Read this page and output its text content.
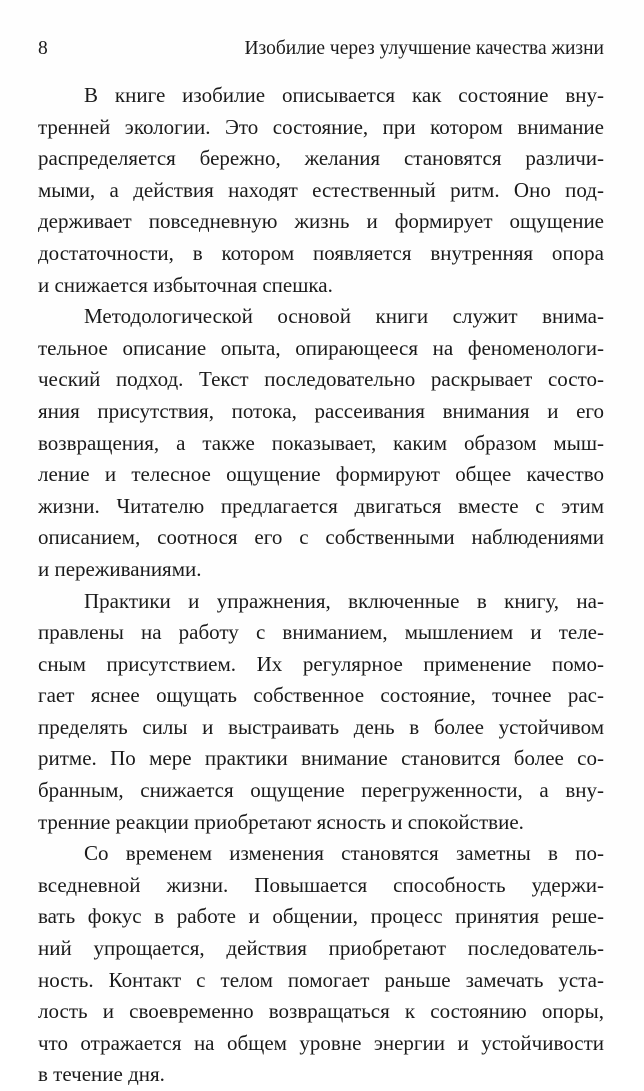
8	Изобилие через улучшение качества жизни
В книге изобилие описывается как состояние вну-
тренней экологии. Это состояние, при котором внимание
распределяется бережно, желания становятся различи-
мыми, а действия находят естественный ритм. Оно под-
держивает повседневную жизнь и формирует ощущение
достаточности, в котором появляется внутренняя опора
и снижается избыточная спешка.
Методологической основой книги служит внима-
тельное описание опыта, опирающееся на феноменологи-
ческий подход. Текст последовательно раскрывает состо-
яния присутствия, потока, рассеивания внимания и его
возвращения, а также показывает, каким образом мыш-
ление и телесное ощущение формируют общее качество
жизни. Читателю предлагается двигаться вместе с этим
описанием, соотнося его с собственными наблюдениями
и переживаниями.
Практики и упражнения, включенные в книгу, на-
правлены на работу с вниманием, мышлением и теле-
сным присутствием. Их регулярное применение помо-
гает яснее ощущать собственное состояние, точнее рас-
пределять силы и выстраивать день в более устойчивом
ритме. По мере практики внимание становится более со-
бранным, снижается ощущение перегруженности, а вну-
тренние реакции приобретают ясность и спокойствие.
Со временем изменения становятся заметны в по-
вседневной жизни. Повышается способность удержи-
вать фокус в работе и общении, процесс принятия реше-
ний упрощается, действия приобретают последователь-
ность. Контакт с телом помогает раньше замечать уста-
лость и своевременно возвращаться к состоянию опоры,
что отражается на общем уровне энергии и устойчивости
в течение дня.
